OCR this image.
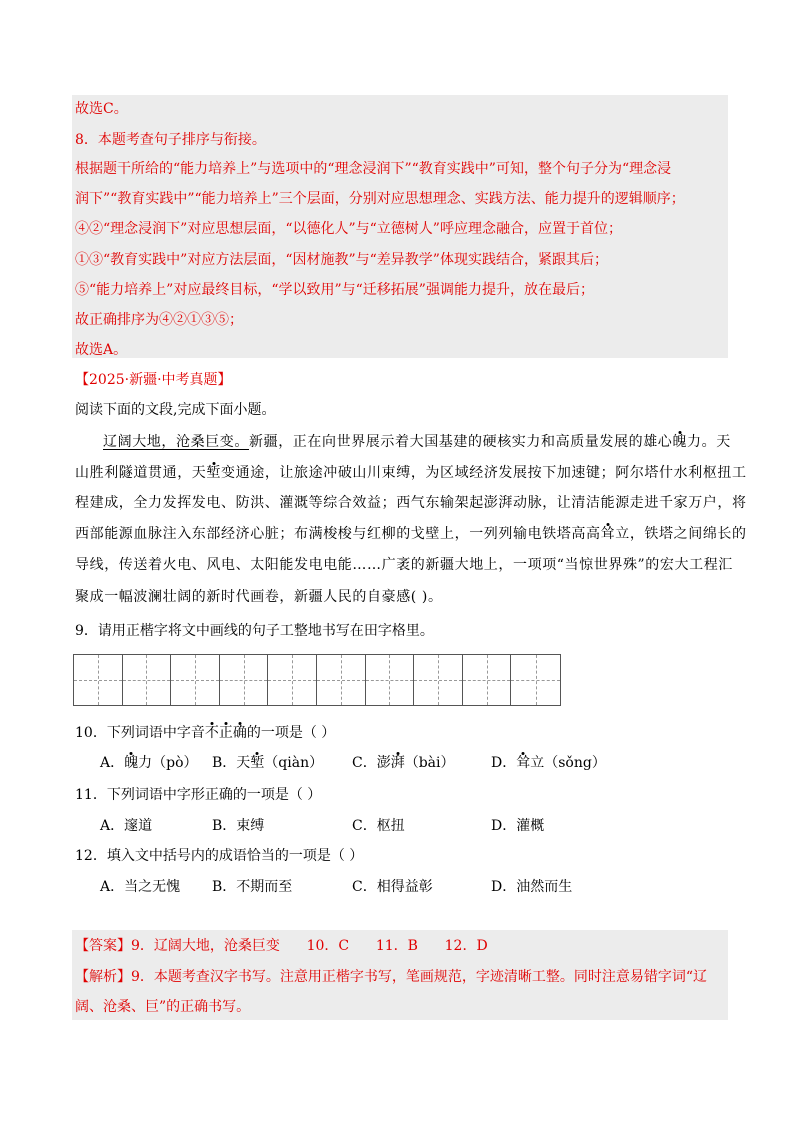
故选C。
8．本题考查句子排序与衔接。
根据题干所给的“能力培养上”与选项中的“理念浸润下”“教育实践中”可知，整个句子分为“理念浸
润下”“教育实践中”“能力培养上”三个层面，分别对应思想理念、实践方法、能力提升的逻辑顺序；
④②“理念浸润下”对应思想层面，“以德化人”与“立德树人”呼应理念融合，应置于首位；
①③“教育实践中”对应方法层面，“因材施教”与“差异教学”体现实践结合，紧跟其后；
⑤“能力培养上”对应最终目标，“学以致用”与“迁移拓展”强调能力提升，放在最后；
故正确排序为④②①③⑤；
故选A。
【2025·新疆·中考真题】
阅读下面的文段,完成下面小题。
辽阔大地，沧桑巨变。新疆，正在向世界展示着大国基建的硬核实力和高质量发展的雄心魄力。天
山胜利隧道贯通，天堑变通途，让旅途冲破山川束缚，为区域经济发展按下加速键；阿尔塔什水利枢扭工
程建成，全力发挥发电、防洪、灌溉等综合效益；西气东输架起澎湃动脉，让清洁能源走进千家万户，将
西部能源血脉注入东部经济心脏；布满梭梭与红柳的戈壁上，一列列输电铁塔高高耸立，铁塔之间绵长的
导线，传送着火电、风电、太阳能发电电能……广袤的新疆大地上，一项项“当惊世界殊”的宏大工程汇
聚成一幅波澜壮阔的新时代画卷，新疆人民的自豪感( )。
9．请用正楷字将文中画线的句子工整地书写在田字格里。
10．下列词语中字音不正确的一项是（ ）
A．魄力（pò） B．天堑（qiàn） C．澎湃（bài）	D．耸立（sǒng）
11．下列词语中字形正确的一项是（ ）
A．邃道	B．束缚	C．枢扭	D．灌概
12．填入文中括号内的成语恰当的一项是（ ）
A．当之无愧 B．不期而至	C．相得益彰	D．油然而生
【答案】9．辽阔大地，沧桑巨变      10．C      11．B      12．D
【解析】9．本题考查汉字书写。注意用正楷字书写，笔画规范，字迹清晰工整。同时注意易错字词“辽
阔、沧桑、巨”的正确书写。
